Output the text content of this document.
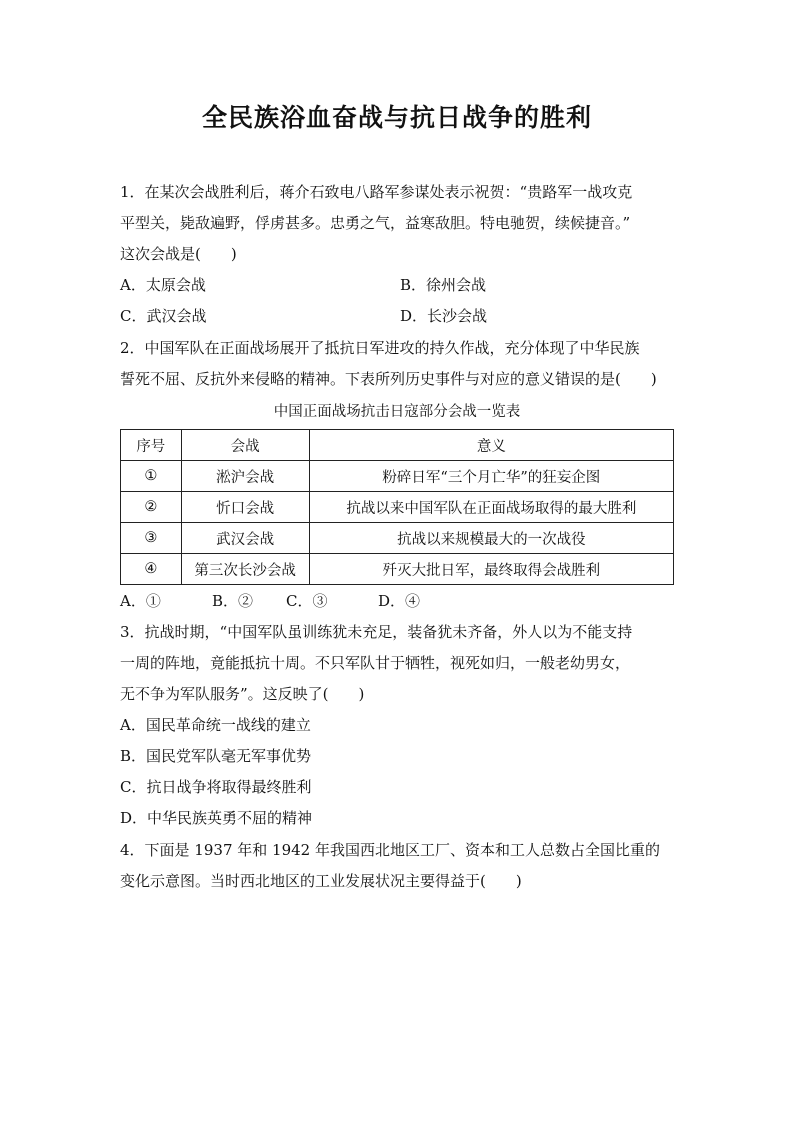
全民族浴血奋战与抗日战争的胜利
1．在某次会战胜利后，蒋介石致电八路军参谋处表示祝贺：“贵路军一战攻克
平型关，毙敌遍野，俘虏甚多。忠勇之气，益寒敌胆。特电驰贺，续候捷音。”
这次会战是(　　)
A．太原会战	B．徐州会战
C．武汉会战	D．长沙会战
2．中国军队在正面战场展开了抵抗日军进攻的持久作战，充分体现了中华民族
誓死不屈、反抗外来侵略的精神。下表所列历史事件与对应的意义错误的是(　　)
中国正面战场抗击日寇部分会战一览表
序号	会战	意义
①	淞沪会战	粉碎日军“三个月亡华”的狂妄企图
②	忻口会战	抗战以来中国军队在正面战场取得的最大胜利
③	武汉会战	抗战以来规模最大的一次战役
④	第三次长沙会战	歼灭大批日军，最终取得会战胜利
A．①	B．② C．③	D．④
3．抗战时期，“中国军队虽训练犹未充足，装备犹未齐备，外人以为不能支持
一周的阵地，竟能抵抗十周。不只军队甘于牺牲，视死如归，一般老幼男女，
无不争为军队服务”。这反映了(　　)
A．国民革命统一战线的建立
B．国民党军队毫无军事优势
C．抗日战争将取得最终胜利
D．中华民族英勇不屈的精神
4．下面是 1937 年和 1942 年我国西北地区工厂、资本和工人总数占全国比重的
变化示意图。当时西北地区的工业发展状况主要得益于(　　)
